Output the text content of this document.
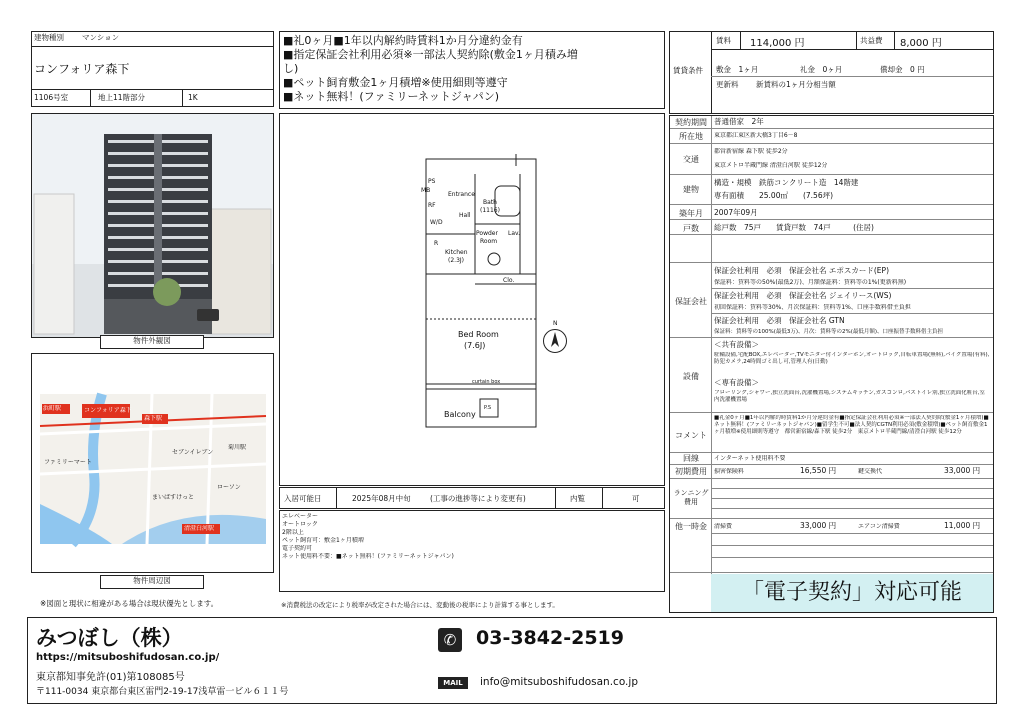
建物種別 マンション
コンフォリア森下
1106号室	地上11階部分	1K
物件外観図
浜町駅	コンフォリア森下
森下駅
菊川駅
清澄白河駅
ファミリーマート
セブンイレブン
ローソン
まいばすけっと
物件周辺図
※図面と現状に相違がある場合は現状優先とします。
■礼0ヶ月■1年以内解約時賃料1か月分違約金有
■指定保証会社利用必須※一部法人契約除(敷金1ヶ月積み増
し)
■ペット飼育敷金1ヶ月積増※使用細則等遵守
■ネット無料！(ファミリーネットジャパン)
MB
Entrance
Bath
(1116)
Hall
W/D
Powder
Room
Lav.
R
Kitchen
(2.3J)
Clo.
Bed Room
(7.6J)
curtain box
Balcony
P.S
RF
PS
N
入居可能日	2025年08月中旬	(工事の進捗等により変更有)	内覧	可
エレベーター
オートロック
2階以上
ペット飼育可：敷金1ヶ月積増
電子契約可
ネット使用料不要：■ネット無料！(ファミリーネットジャパン)
※消費税法の改定により税率が改定された場合には、変動後の税率により計算する事とします。
賃貸条件
賃料 114,000 円	共益費 8,000 円
敷金　1ヶ月	礼金　0ヶ月	償却金　0 円
更新料 新賃料の1ヶ月分相当額
契約期間 普通借家　2年
所在地	東京都江東区新大橋3丁目6－8
交通
都営新宿線 森下駅 徒歩2分
東京メトロ半蔵門線 清澄白河駅 徒歩12分
建物
構造・規模　鉄筋コンクリート造　14階建
専有面積　　25.00㎡　　(7.56坪)
築年月	2007年09月
戸数	総戸数　75戸　　賃貸戸数　74戸　　　(住居)
保証会社
保証会社利用　必須　保証会社名 エポスカード(EP)
保証料：賃料等の50%(最低2万)、月額保証料：賃料等の1%(更新料無)
保証会社利用　必須　保証会社名 ジェイリース(WS)
初回保証料：賃料等30%、月次保証料：賃料等1%、口座手数料借主負担
保証会社利用　必須　保証会社名 GTN
保証料：賃料等の100%(最低3万)、月次：賃料等の2%(最低月額)、口座振替手数料借主負担
設備
＜共有設備＞
駐輪設備,宅配BOX,エレベーター,TVモニター付インターホン,オートロック,自転車置場(無料),バイク置場(有料),防犯カメラ,24時間ゴミ出し可,管理人有(日勤)
＜専有設備＞
フローリング,シャワー,独立洗面台,洗濯機置場,システムキッチン,ガスコンロ,バストイレ別,独立洗面化粧台,室内洗濯機置場
コメント
■礼金0ヶ月■1年以内解約時賃料1か月分違約金有■指定保証会社利用必須※一部法人契約除(敷金1ヶ月積増)■ネット無料！(ファミリーネットジャパン)■留学生不可■法人契約CGTN利用必須(敷金積増)■ペット飼育敷金1ヶ月積増※使用細則等遵守　都営新宿線/森下駅 徒歩2分　東京メトロ半蔵門線/清澄白河駅 徒歩12分
回線	インターネット使用料不要
初期費用	損害保険料	16,550 円	鍵交換代	33,000 円
ランニング費用
他一時金	清掃費	33,000 円	エアコン清掃費	11,000 円
「電子契約」対応可能
みつぼし（株）
https://mitsuboshifudosan.co.jp/
東京都知事免許(01)第108085号
〒111-0034 東京都台東区雷門2-19-17浅草雷一ビル６１１号
✆	03-3842-2519
MAIL	info@mitsuboshifudosan.co.jp
